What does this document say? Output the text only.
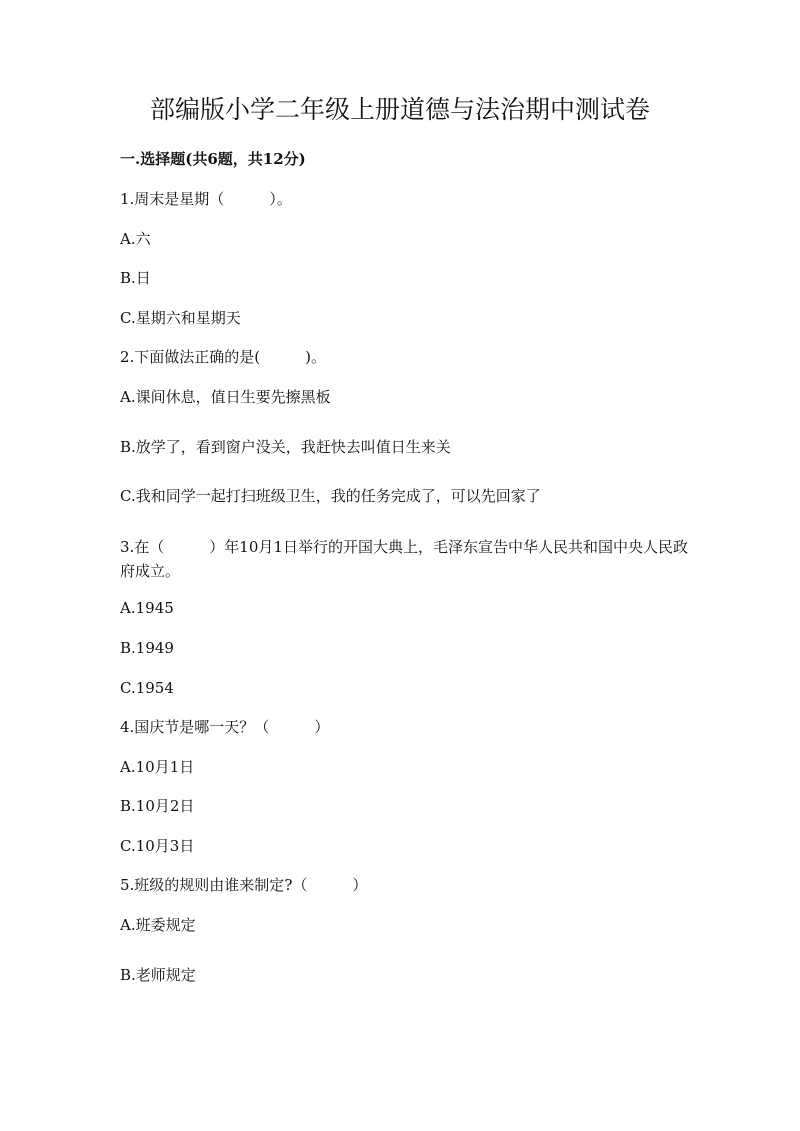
部编版小学二年级上册道德与法治期中测试卷
一.选择题(共6题，共12分)
1.周末是星期（　　　）。
A.六
B.日
C.星期六和星期天
2.下面做法正确的是(　　　)。
A.课间休息，值日生要先擦黑板
B.放学了，看到窗户没关，我赶快去叫值日生来关
C.我和同学一起打扫班级卫生，我的任务完成了，可以先回家了
3.在（　　　）年10月1日举行的开国大典上，毛泽东宣告中华人民共和国中央人民政府成立。
A.1945
B.1949
C.1954
4.国庆节是哪一天？（　　　）
A.10月1日
B.10月2日
C.10月3日
5.班级的规则由谁来制定?（　　　）
A.班委规定
B.老师规定
